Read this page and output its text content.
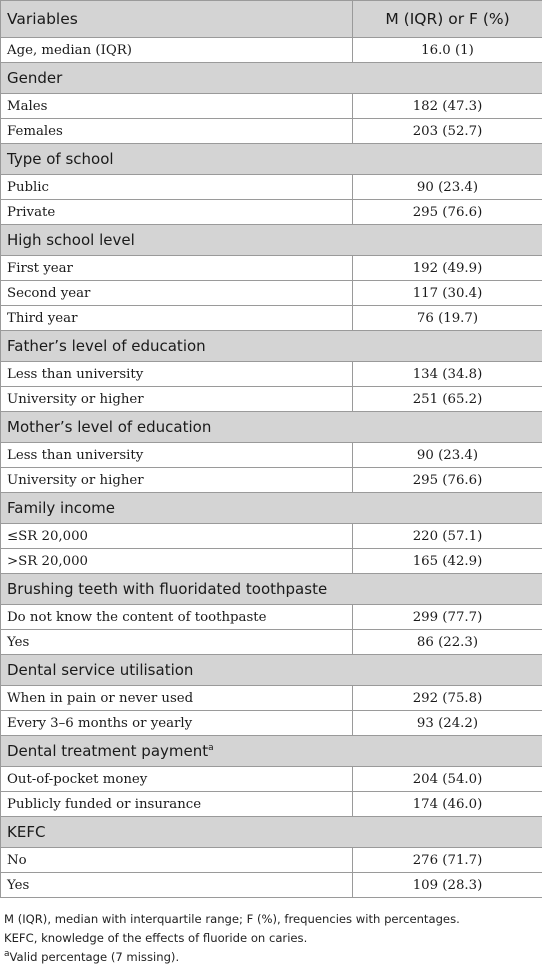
Variables	M (IQR) or F (%)
Age, median (IQR)	16.0 (1)
Gender	
Males	182 (47.3)
Females	203 (52.7)
Type of school	
Public	90 (23.4)
Private	295 (76.6)
High school level	
First year	192 (49.9)
Second year	117 (30.4)
Third year	76 (19.7)
Father’s level of education	
Less than university	134 (34.8)
University or higher	251 (65.2)
Mother’s level of education	
Less than university	90 (23.4)
University or higher	295 (76.6)
Family income	
≤SR 20,000	220 (57.1)
>SR 20,000	165 (42.9)
Brushing teeth with fluoridated toothpaste	
Do not know the content of toothpaste	299 (77.7)
Yes	86 (22.3)
Dental service utilisation	
When in pain or never used	292 (75.8)
Every 3–6 months or yearly	93 (24.2)
Dental treatment payment$^a$
Out-of-pocket money	204 (54.0)
Publicly funded or insurance	174 (46.0)
KEFC	
No	276 (71.7)
Yes	109 (28.3)

M (IQR), median with interquartile range; F (%), frequencies with percentages.

KEFC, knowledge of the effects of fluoride on caries.

$^a$Valid percentage (7 missing).
